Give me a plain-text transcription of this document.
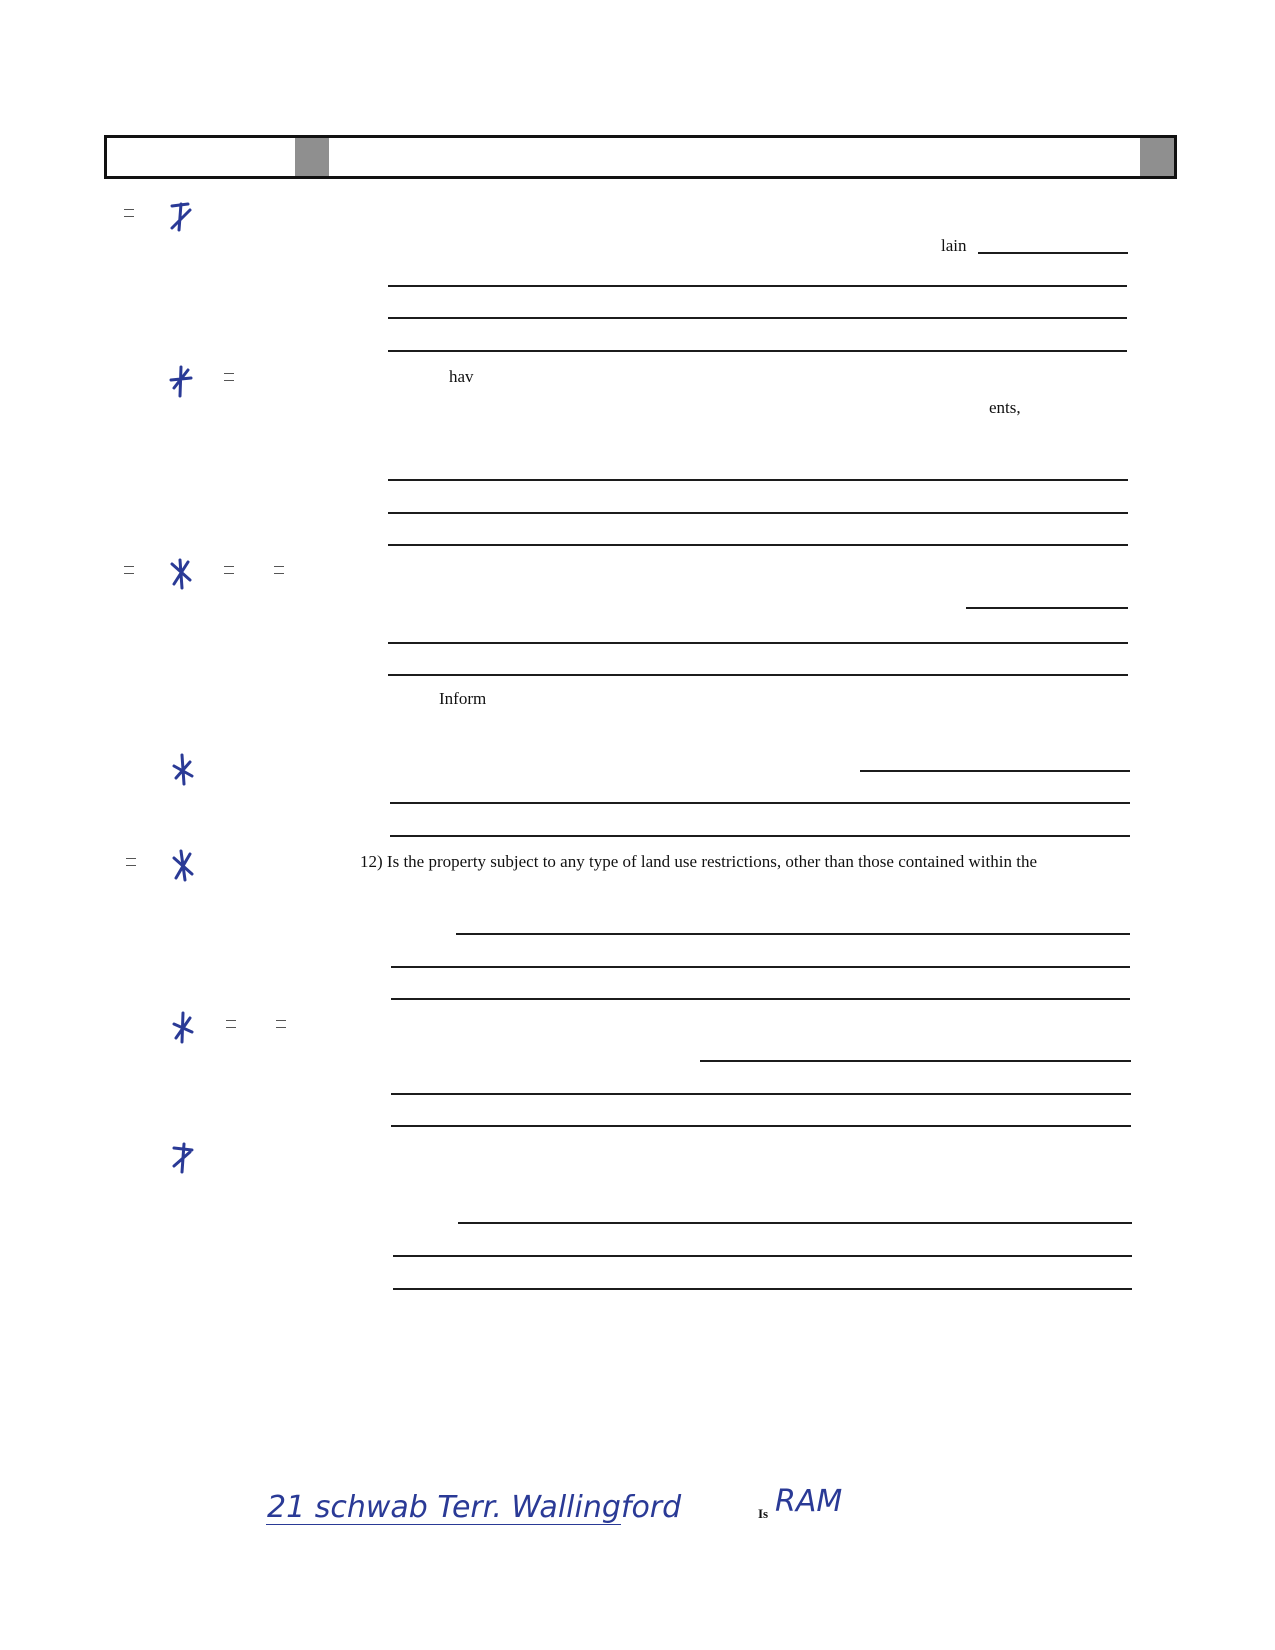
lain
hav
ents,
Inform
12) Is the property subject to any type of land use restrictions, other than those contained within the
21 schwab Terr. Wallingford	Is RAM
